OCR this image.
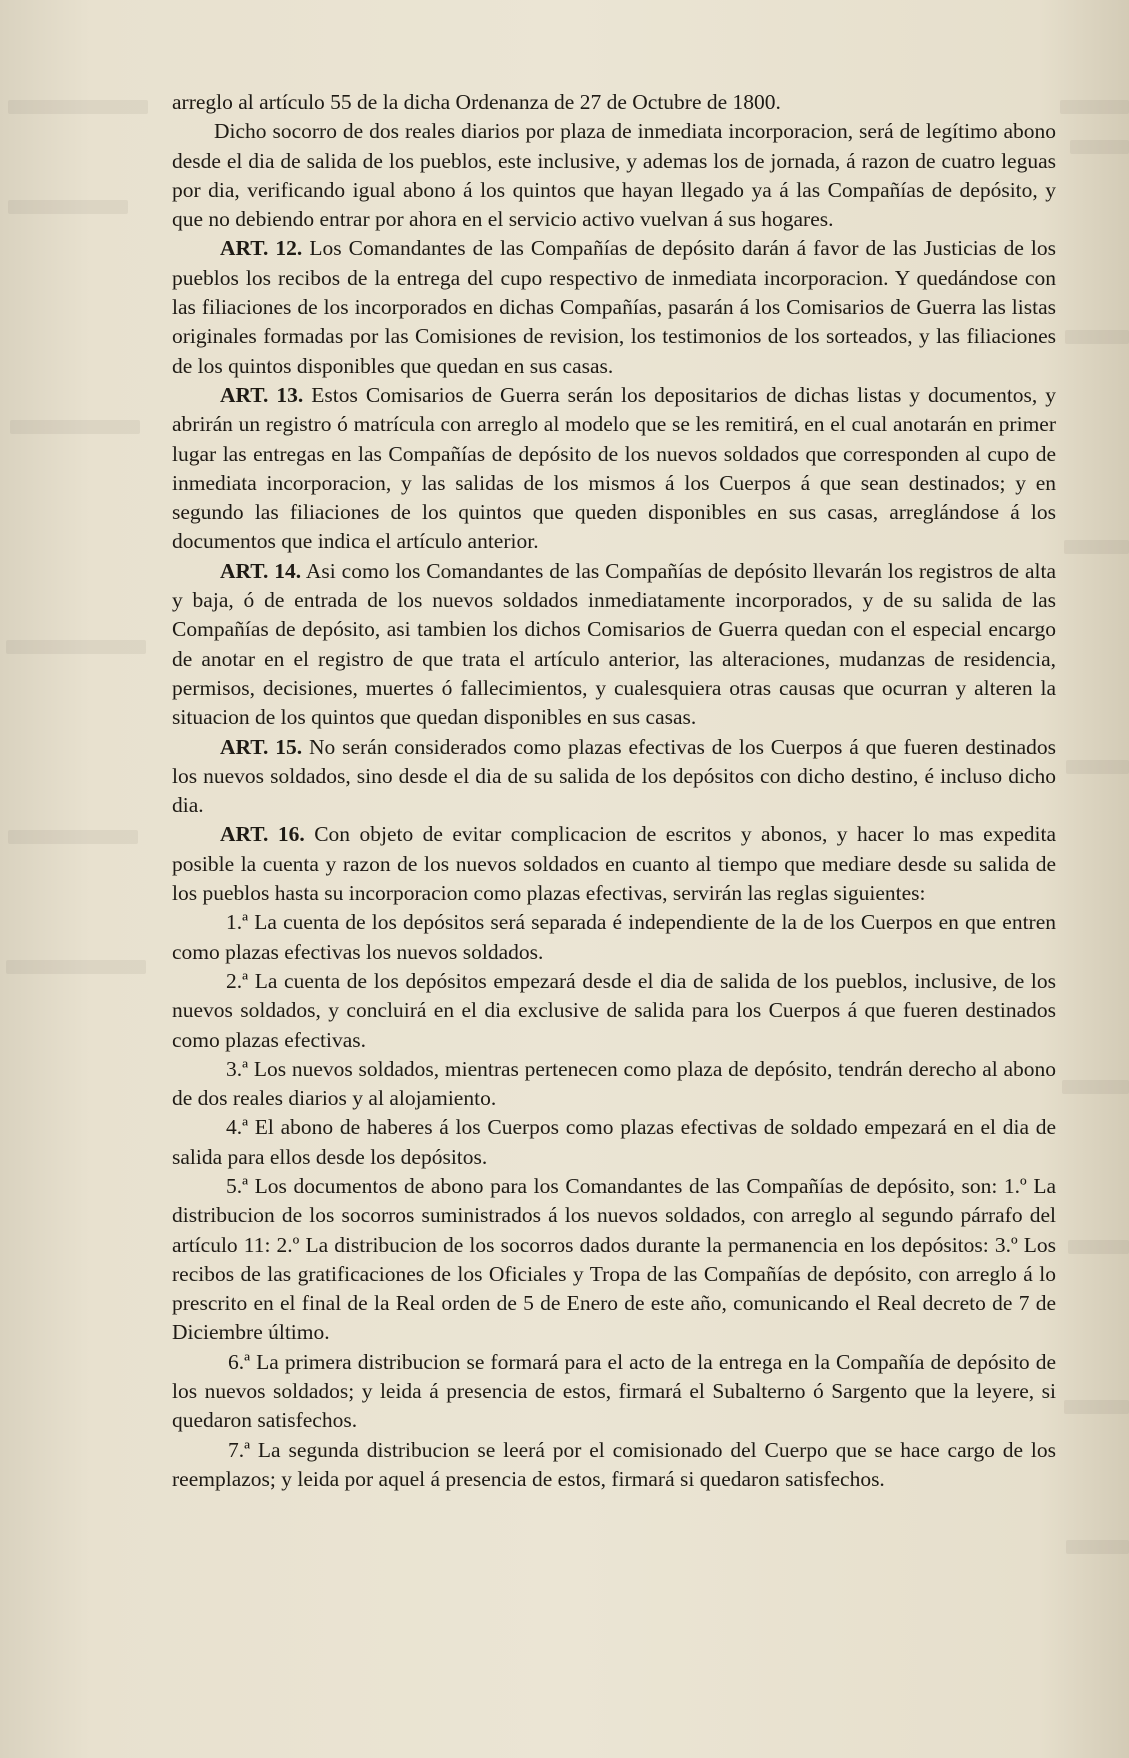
arreglo al artículo 55 de la dicha Ordenanza de 27 de Octubre de 1800.

Dicho socorro de dos reales diarios por plaza de inmediata incorporacion, será de legítimo abono desde el dia de salida de los pueblos, este inclusive, y ademas los de jornada, á razon de cuatro leguas por dia, verificando igual abono á los quintos que hayan llegado ya á las Compañías de depósito, y que no debiendo entrar por ahora en el servicio activo vuelvan á sus hogares.

ART. 12. Los Comandantes de las Compañías de depósito darán á favor de las Justicias de los pueblos los recibos de la entrega del cupo respectivo de inmediata incorporacion. Y quedándose con las filiaciones de los incorporados en dichas Compañías, pasarán á los Comisarios de Guerra las listas originales formadas por las Comisiones de revision, los testimonios de los sorteados, y las filiaciones de los quintos disponibles que quedan en sus casas.

ART. 13. Estos Comisarios de Guerra serán los depositarios de dichas listas y documentos, y abrirán un registro ó matrícula con arreglo al modelo que se les remitirá, en el cual anotarán en primer lugar las entregas en las Compañías de depósito de los nuevos soldados que corresponden al cupo de inmediata incorporacion, y las salidas de los mismos á los Cuerpos á que sean destinados; y en segundo las filiaciones de los quintos que queden disponibles en sus casas, arreglándose á los documentos que indica el artículo anterior.

ART. 14. Asi como los Comandantes de las Compañías de depósito llevarán los registros de alta y baja, ó de entrada de los nuevos soldados inmediatamente incorporados, y de su salida de las Compañías de depósito, asi tambien los dichos Comisarios de Guerra quedan con el especial encargo de anotar en el registro de que trata el artículo anterior, las alteraciones, mudanzas de residencia, permisos, decisiones, muertes ó fallecimientos, y cualesquiera otras causas que ocurran y alteren la situacion de los quintos que quedan disponibles en sus casas.

ART. 15. No serán considerados como plazas efectivas de los Cuerpos á que fueren destinados los nuevos soldados, sino desde el dia de su salida de los depósitos con dicho destino, é incluso dicho dia.

ART. 16. Con objeto de evitar complicacion de escritos y abonos, y hacer lo mas expedita posible la cuenta y razon de los nuevos soldados en cuanto al tiempo que mediare desde su salida de los pueblos hasta su incorporacion como plazas efectivas, servirán las reglas siguientes:

1.ª La cuenta de los depósitos será separada é independiente de la de los Cuerpos en que entren como plazas efectivas los nuevos soldados.

2.ª La cuenta de los depósitos empezará desde el dia de salida de los pueblos, inclusive, de los nuevos soldados, y concluirá en el dia exclusive de salida para los Cuerpos á que fueren destinados como plazas efectivas.

3.ª Los nuevos soldados, mientras pertenecen como plaza de depósito, tendrán derecho al abono de dos reales diarios y al alojamiento.

4.ª El abono de haberes á los Cuerpos como plazas efectivas de soldado empezará en el dia de salida para ellos desde los depósitos.

5.ª Los documentos de abono para los Comandantes de las Compañías de depósito, son: 1.º La distribucion de los socorros suministrados á los nuevos soldados, con arreglo al segundo párrafo del artículo 11: 2.º La distribucion de los socorros dados durante la permanencia en los depósitos: 3.º Los recibos de las gratificaciones de los Oficiales y Tropa de las Compañías de depósito, con arreglo á lo prescrito en el final de la Real orden de 5 de Enero de este año, comunicando el Real decreto de 7 de Diciembre último.

6.ª La primera distribucion se formará para el acto de la entrega en la Compañía de depósito de los nuevos soldados; y leida á presencia de estos, firmará el Subalterno ó Sargento que la leyere, si quedaron satisfechos.

7.ª La segunda distribucion se leerá por el comisionado del Cuerpo que se hace cargo de los reemplazos; y leida por aquel á presencia de estos, firmará si quedaron satisfechos.
